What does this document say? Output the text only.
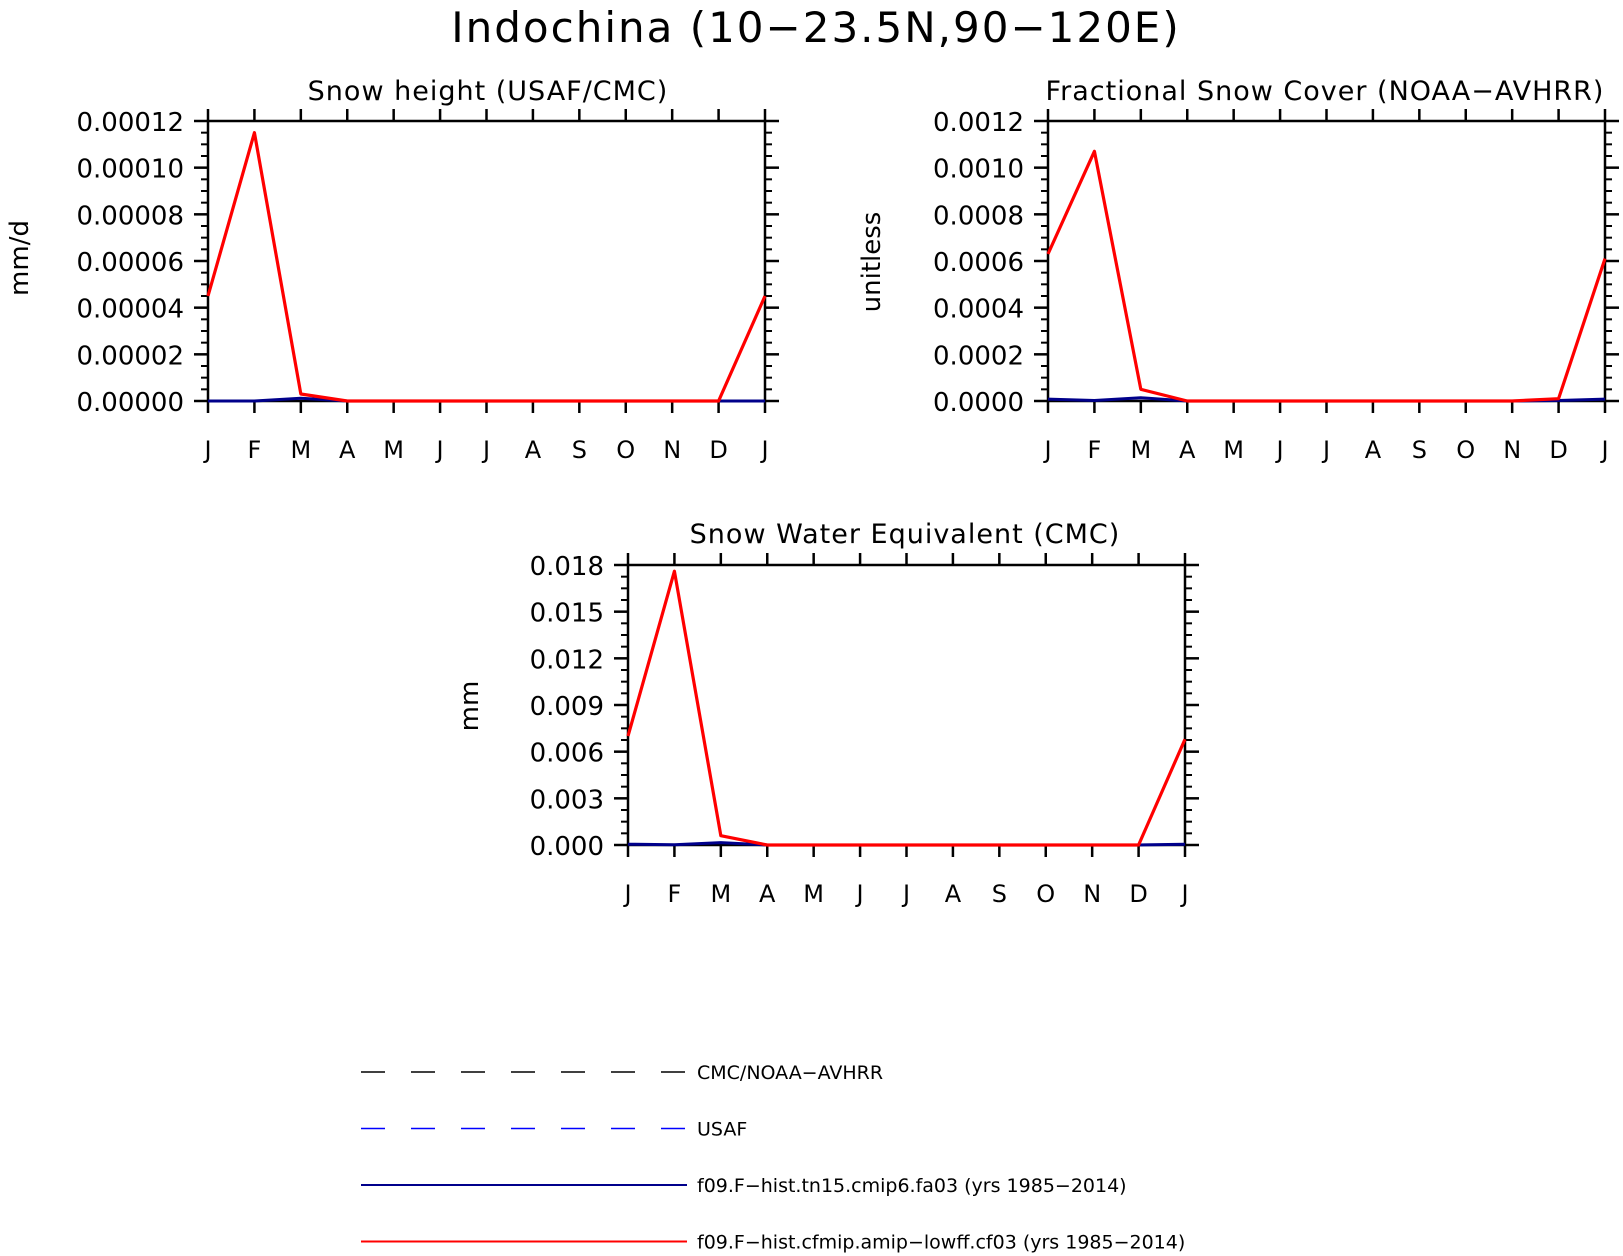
Indochina (10−23.5N,90−120E)
Snow height (USAF/CMC)
mm/d
J F M A M J J A S O N D J
0.00000
0.00002
0.00004
0.00006
0.00008
0.00010
0.00012
Fractional Snow Cover (NOAA−AVHRR)
unitless
J F M A M J J A S O N D J
0.0000
0.0002
0.0004
0.0006
0.0008
0.0010
0.0012
Snow Water Equivalent (CMC)
mm
J F M A M J J A S O N D J
0.000
0.003
0.006
0.009
0.012
0.015
0.018
CMC/NOAA−AVHRR
USAF
f09.F−hist.tn15.cmip6.fa03 (yrs 1985−2014)
f09.F−hist.cfmip.amip−lowff.cf03 (yrs 1985−2014)
